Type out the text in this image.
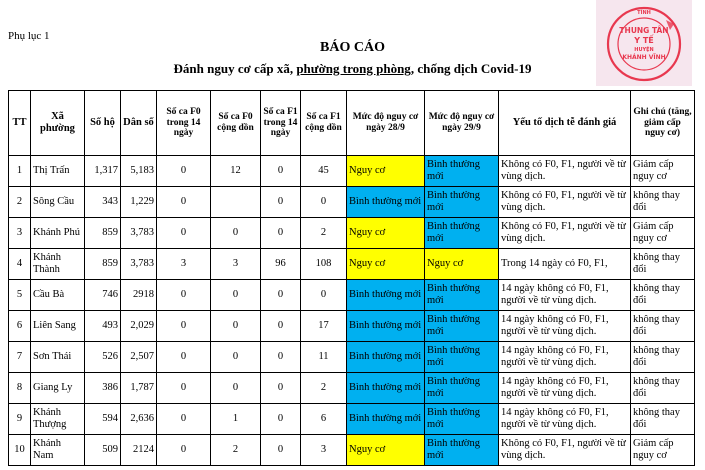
Phụ lục 1
TỈNH
THUNG TÂN
Y TẾ
HUYỆN
KHÁNH VĨNH
BÁO CÁO
Đánh nguy cơ cấp xã, phường trong phòng, chống dịch Covid-19
TT	Xã phường	Số hộ	Dân số	Số ca F0 trong 14 ngày	Số ca F0 cộng dồn	Số ca F1 trong 14 ngày	Số ca F1 cộng dồn	Mức độ nguy cơ ngày 28/9	Mức độ nguy cơ ngày 29/9	Yếu tố dịch tễ đánh giá	Ghi chú (tăng, giảm cấp nguy cơ)
1	Thị Trấn	1,317	5,183	0	12	0	45	Nguy cơ	Bình thường mới	Không có F0, F1, người về từ vùng dịch.	Giảm cấp nguy cơ
2	Sông Cầu	343	1,229	0		0	0	Bình thường mới	Bình thường mới	Không có F0, F1, người về từ vùng dịch.	không thay đổi
3	Khánh Phú	859	3,783	0	0	0	2	Nguy cơ	Bình thường mới	Không có F0, F1, người về từ vùng dịch.	Giảm cấp nguy cơ
4	Khánh Thành	859	3,783	3	3	96	108	Nguy cơ	Nguy cơ	Trong 14 ngày có F0, F1,	không thay đổi
5	Cầu Bà	746	2918	0	0	0	0	Bình thường mới	Bình thường mới	14 ngày không có F0, F1, người về từ vùng dịch.	không thay đổi
6	Liên Sang	493	2,029	0	0	0	17	Bình thường mới	Bình thường mới	14 ngày không có F0, F1, người về từ vùng dịch.	không thay đổi
7	Sơn Thái	526	2,507	0	0	0	11	Bình thường mới	Bình thường mới	14 ngày không có F0, F1, người về từ vùng dịch.	không thay đổi
8	Giang Ly	386	1,787	0	0	0	2	Bình thường mới	Bình thường mới	14 ngày không có F0, F1, người về từ vùng dịch.	không thay đổi
9	Khánh Thượng	594	2,636	0	1	0	6	Bình thường mới	Bình thường mới	14 ngày không có F0, F1, người về từ vùng dịch.	không thay đổi
10	Khánh Nam	509	2124	0	2	0	3	Nguy cơ	Bình thường mới	Không có F0, F1, người về từ vùng dịch.	Giảm cấp nguy cơ
